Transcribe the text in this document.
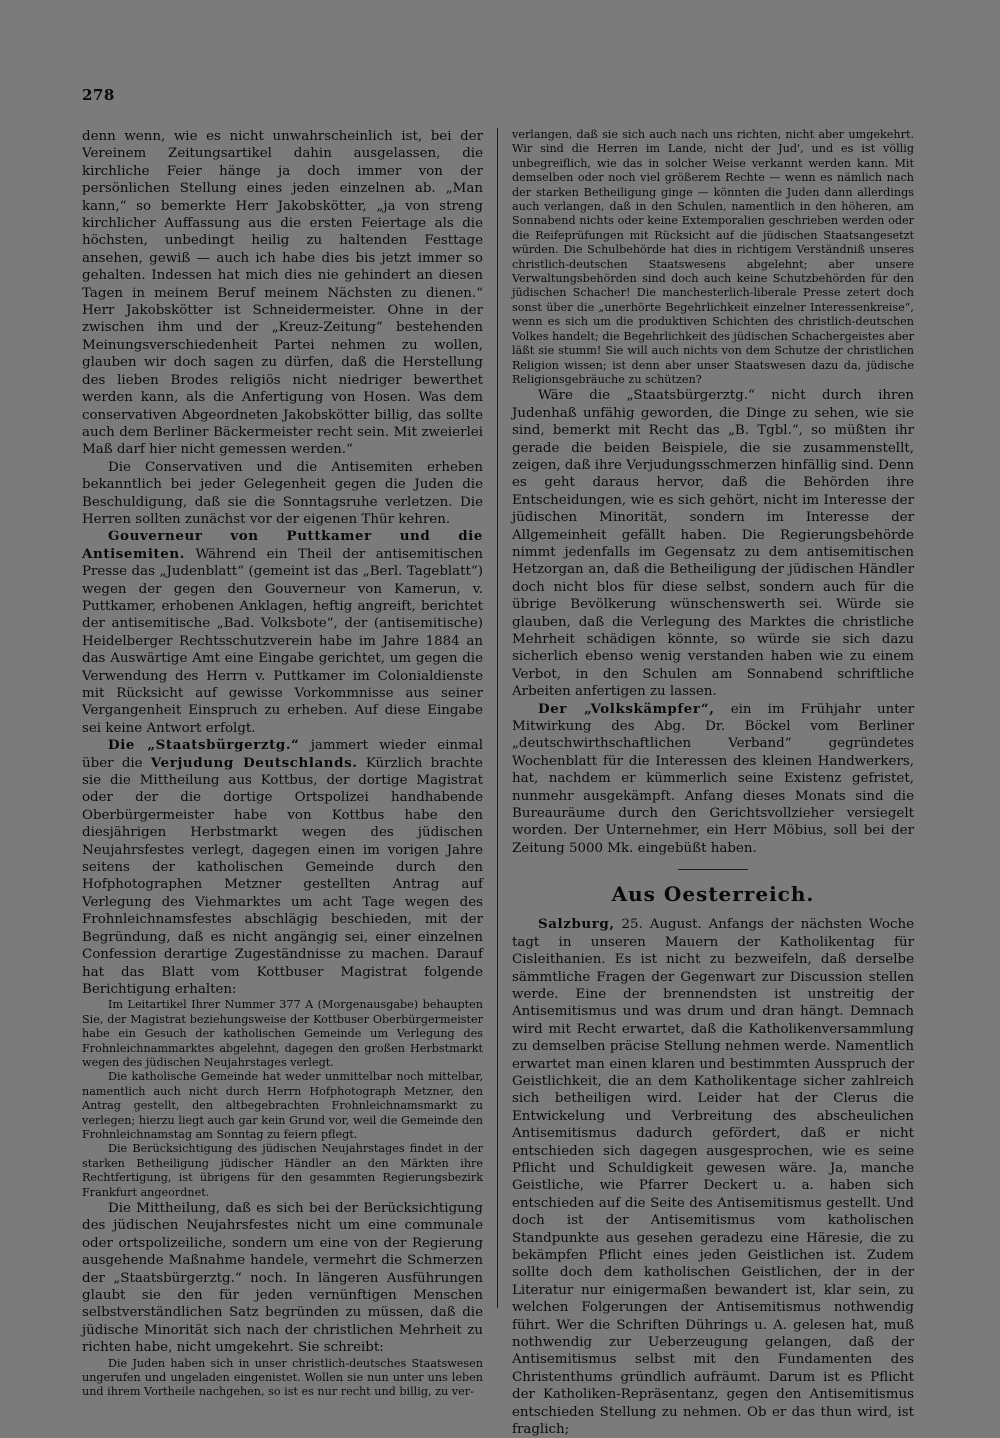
278

denn wenn, wie es nicht unwahrscheinlich ist, bei der Vereinem Zeitungsartikel dahin ausgelassen, die kirchliche Feier hänge ja doch immer von der persönlichen Stellung eines jeden einzelnen ab. „Man kann,“ so bemerkte Herr Jakobskötter, „ja von streng kirchlicher Auffassung aus die ersten Feiertage als die höchsten, unbedingt heilig zu haltenden Festtage ansehen, gewiß — auch ich habe dies bis jetzt immer so gehalten. Indessen hat mich dies nie gehindert an diesen Tagen in meinem Beruf meinem Nächsten zu dienen.“ Herr Jakobskötter ist Schneidermeister. Ohne in der zwischen ihm und der „Kreuz-Zeitung“ bestehenden Meinungsverschiedenheit Partei nehmen zu wollen, glauben wir doch sagen zu dürfen, daß die Herstellung des lieben Brodes religiös nicht niedriger bewerthet werden kann, als die Anfertigung von Hosen. Was dem conservativen Abgeordneten Jakobskötter billig, das sollte auch dem Berliner Bäckermeister recht sein. Mit zweierlei Maß darf hier nicht gemessen werden.“

Die Conservativen und die Antisemiten erheben bekanntlich bei jeder Gelegenheit gegen die Juden die Beschuldigung, daß sie die Sonntagsruhe verletzen. Die Herren sollten zunächst vor der eigenen Thür kehren.

Gouverneur von Puttkamer und die Antisemiten. Während ein Theil der antisemitischen Presse das „Judenblatt“ (gemeint ist das „Berl. Tageblatt“) wegen der gegen den Gouverneur von Kamerun, v. Puttkamer, erhobenen Anklagen, heftig angreift, berichtet der antisemitische „Bad. Volksbote“, der (antisemitische) Heidelberger Rechtsschutzverein habe im Jahre 1884 an das Auswärtige Amt eine Eingabe gerichtet, um gegen die Verwendung des Herrn v. Puttkamer im Colonialdienste mit Rücksicht auf gewisse Vorkommnisse aus seiner Vergangenheit Einspruch zu erheben. Auf diese Eingabe sei keine Antwort erfolgt.

Die „Staatsbürgerztg.“ jammert wieder einmal über die Verjudung Deutschlands. Kürzlich brachte sie die Mittheilung aus Kottbus, der dortige Magistrat oder der die dortige Ortspolizei handhabende Oberbürgermeister habe von Kottbus habe den diesjährigen Herbstmarkt wegen des jüdischen Neujahrsfestes verlegt, dagegen einen im vorigen Jahre seitens der katholischen Gemeinde durch den Hofphotographen Metzner gestellten Antrag auf Verlegung des Viehmarktes um acht Tage wegen des Frohnleichnamsfestes abschlägig beschieden, mit der Begründung, daß es nicht angängig sei, einer einzelnen Confession derartige Zugeständnisse zu machen. Darauf hat das Blatt vom Kottbuser Magistrat folgende Berichtigung erhalten:

Im Leitartikel Ihrer Nummer 377 A (Morgenausgabe) behaupten Sie, der Magistrat beziehungsweise der Kottbuser Oberbürgermeister habe ein Gesuch der katholischen Gemeinde um Verlegung des Frohnleichnammarktes abgelehnt, dagegen den großen Herbstmarkt wegen des jüdischen Neujahrstages verlegt.

Die katholische Gemeinde hat weder unmittelbar noch mittelbar, namentlich auch nicht durch Herrn Hofphotograph Metzner, den Antrag gestellt, den altbegebrachten Frohnleichnamsmarkt zu verlegen; hierzu liegt auch gar kein Grund vor, weil die Gemeinde den Frohnleichnamstag am Sonntag zu feiern pflegt.

Die Berücksichtigung des jüdischen Neujahrstages findet in der starken Betheiligung jüdischer Händler an den Märkten ihre Rechtfertigung, ist übrigens für den gesammten Regierungsbezirk Frankfurt angeordnet.

Die Mittheilung, daß es sich bei der Berücksichtigung des jüdischen Neujahrsfestes nicht um eine communale oder ortspolizeiliche, sondern um eine von der Regierung ausgehende Maßnahme handele, vermehrt die Schmerzen der „Staatsbürgerztg.“ noch. In längeren Ausführungen glaubt sie den für jeden vernünftigen Menschen selbstverständlichen Satz begründen zu müssen, daß die jüdische Minorität sich nach der christlichen Mehrheit zu richten habe, nicht umgekehrt. Sie schreibt:

Die Juden haben sich in unser christlich-deutsches Staatswesen ungerufen und ungeladen eingenistet. Wollen sie nun unter uns leben und ihrem Vortheile nachgehen, so ist es nur recht und billig, zu ver-

verlangen, daß sie sich auch nach uns richten, nicht aber umgekehrt. Wir sind die Herren im Lande, nicht der Jud', und es ist völlig unbegreiflich, wie das in solcher Weise verkannt werden kann. Mit demselben oder noch viel größerem Rechte — wenn es nämlich nach der starken Betheiligung ginge — könnten die Juden dann allerdings auch verlangen, daß in den Schulen, namentlich in den höheren, am Sonnabend nichts oder keine Extemporalien geschrieben werden oder die Reifeprüfungen mit Rücksicht auf die jüdischen Staatsangesetzt würden. Die Schulbehörde hat dies in richtigem Verständniß unseres christlich-deutschen Staatswesens abgelehnt; aber unsere Verwaltungsbehörden sind doch auch keine Schutzbehörden für den jüdischen Schacher! Die manchesterlich-liberale Presse zetert doch sonst über die „unerhörte Begehrlichkeit einzelner Interessenkreise“, wenn es sich um die produktiven Schichten des christlich-deutschen Volkes handelt; die Begehrlichkeit des jüdischen Schachergeistes aber läßt sie stumm! Sie will auch nichts von dem Schutze der christlichen Religion wissen; ist denn aber unser Staatswesen dazu da, jüdische Religionsgebräuche zu schützen?

Wäre die „Staatsbürgerztg.“ nicht durch ihren Judenhaß unfähig geworden, die Dinge zu sehen, wie sie sind, bemerkt mit Recht das „B. Tgbl.“, so müßten ihr gerade die beiden Beispiele, die sie zusammenstellt, zeigen, daß ihre Verjudungsschmerzen hinfällig sind. Denn es geht daraus hervor, daß die Behörden ihre Entscheidungen, wie es sich gehört, nicht im Interesse der jüdischen Minorität, sondern im Interesse der Allgemeinheit gefällt haben. Die Regierungsbehörde nimmt jedenfalls im Gegensatz zu dem antisemitischen Hetzorgan an, daß die Betheiligung der jüdischen Händler doch nicht blos für diese selbst, sondern auch für die übrige Bevölkerung wünschenswerth sei. Würde sie glauben, daß die Verlegung des Marktes die christliche Mehrheit schädigen könnte, so würde sie sich dazu sicherlich ebenso wenig verstanden haben wie zu einem Verbot, in den Schulen am Sonnabend schriftliche Arbeiten anfertigen zu lassen.

Der „Volkskämpfer“, ein im Frühjahr unter Mitwirkung des Abg. Dr. Böckel vom Berliner „deutschwirthschaftlichen Verband“ gegründetes Wochenblatt für die Interessen des kleinen Handwerkers, hat, nachdem er kümmerlich seine Existenz gefristet, nunmehr ausgekämpft. Anfang dieses Monats sind die Bureauräume durch den Gerichtsvollzieher versiegelt worden. Der Unternehmer, ein Herr Möbius, soll bei der Zeitung 5000 Mk. eingebüßt haben.

Aus Oesterreich.

Salzburg, 25. August. Anfangs der nächsten Woche tagt in unseren Mauern der Katholikentag für Cisleithanien. Es ist nicht zu bezweifeln, daß derselbe sämmtliche Fragen der Gegenwart zur Discussion stellen werde. Eine der brennendsten ist unstreitig der Antisemitismus und was drum und dran hängt. Demnach wird mit Recht erwartet, daß die Katholikenversammlung zu demselben präcise Stellung nehmen werde. Namentlich erwartet man einen klaren und bestimmten Ausspruch der Geistlichkeit, die an dem Katholikentage sicher zahlreich sich betheiligen wird. Leider hat der Clerus die Entwickelung und Verbreitung des abscheulichen Antisemitismus dadurch gefördert, daß er nicht entschieden sich dagegen ausgesprochen, wie es seine Pflicht und Schuldigkeit gewesen wäre. Ja, manche Geistliche, wie Pfarrer Deckert u. a. haben sich entschieden auf die Seite des Antisemitismus gestellt. Und doch ist der Antisemitismus vom katholischen Standpunkte aus gesehen geradezu eine Häresie, die zu bekämpfen Pflicht eines jeden Geistlichen ist. Zudem sollte doch dem katholischen Geistlichen, der in der Literatur nur einigermaßen bewandert ist, klar sein, zu welchen Folgerungen der Antisemitismus nothwendig führt. Wer die Schriften Dührings u. A. gelesen hat, muß nothwendig zur Ueberzeugung gelangen, daß der Antisemitismus selbst mit den Fundamenten des Christenthums gründlich aufräumt. Darum ist es Pflicht der Katholiken-Repräsentanz, gegen den Antisemitismus entschieden Stellung zu nehmen. Ob er das thun wird, ist fraglich;
